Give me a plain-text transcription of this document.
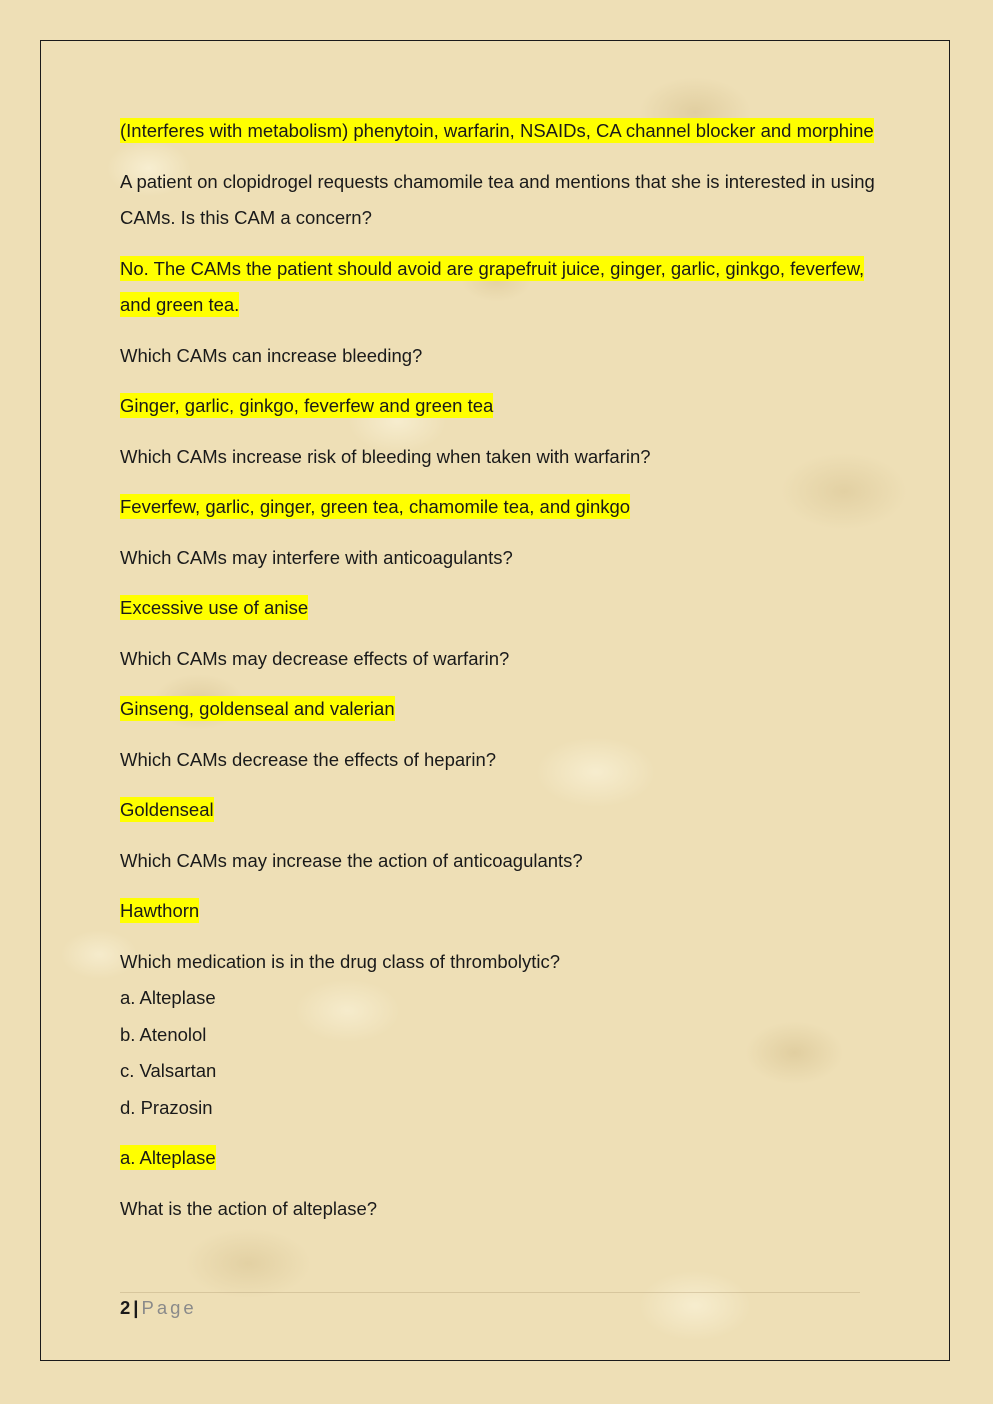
(Interferes with metabolism) phenytoin, warfarin, NSAIDs, CA channel blocker and morphine

A patient on clopidrogel requests chamomile tea and mentions that she is interested in using CAMs. Is this CAM a concern?

No. The CAMs the patient should avoid are grapefruit juice, ginger, garlic, ginkgo, feverfew, and green tea.

Which CAMs can increase bleeding?

Ginger, garlic, ginkgo, feverfew and green tea

Which CAMs increase risk of bleeding when taken with warfarin?

Feverfew, garlic, ginger, green tea, chamomile tea, and ginkgo

Which CAMs may interfere with anticoagulants?

Excessive use of anise

Which CAMs may decrease effects of warfarin?

Ginseng, goldenseal and valerian

Which CAMs decrease the effects of heparin?

Goldenseal

Which CAMs may increase the action of anticoagulants?

Hawthorn

Which medication is in the drug class of thrombolytic?

a. Alteplase

b. Atenolol

c. Valsartan

d. Prazosin

a. Alteplase

What is the action of alteplase?

2 | Page
